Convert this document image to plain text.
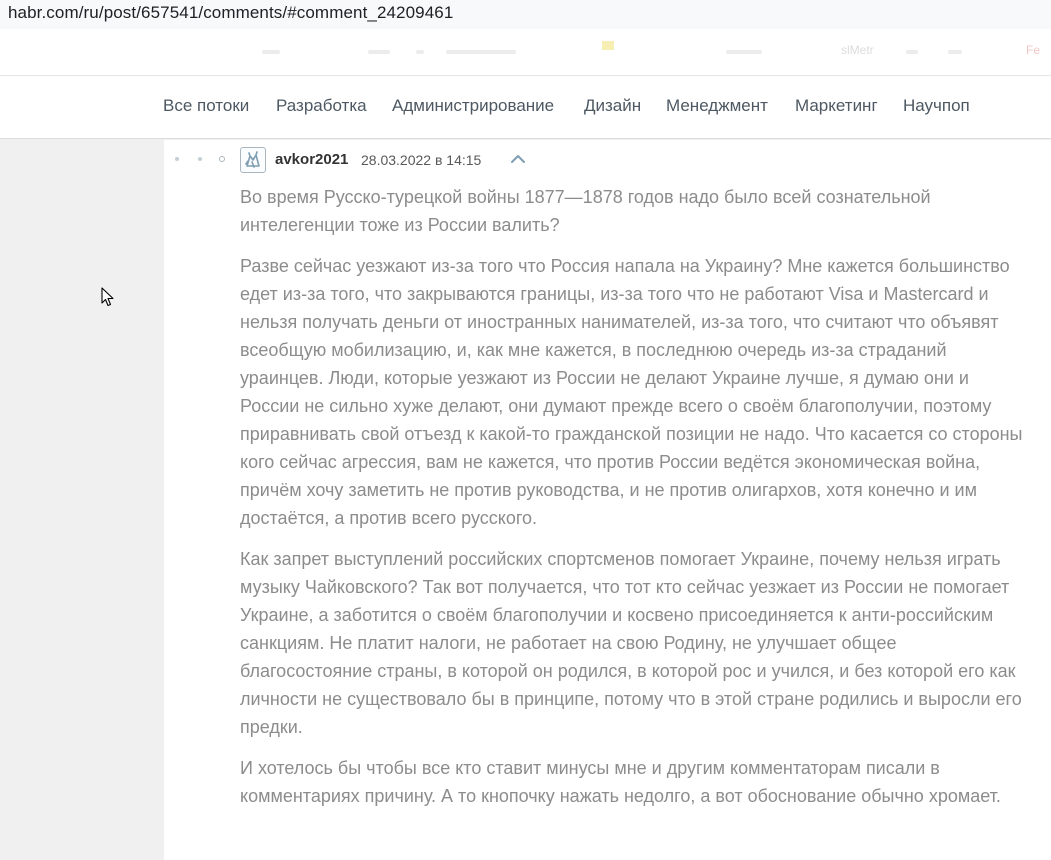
habr.com/ru/post/657541/comments/#comment_24209461
slMetr	Fe
Все потоки Разработка Администрирование Дизайн Менеджмент Маркетинг Научпоп
avkor2021 28.03.2022 в 14:15

Во время Русско-турецкой войны 1877—1878 годов надо было всей сознательной интелегенции тоже из России валить?

Разве сейчас уезжают из-за того что Россия напала на Украину? Мне кажется большинство едет из-за того, что закрываются границы, из-за того что не работают Visa и Mastercard и нельзя получать деньги от иностранных нанимателей, из-за того, что считают что объявят всеобщую мобилизацию, и, как мне кажется, в последнюю очередь из-за страданий ураинцев. Люди, которые уезжают из России не делают Украине лучше, я думаю они и России не сильно хуже делают, они думают прежде всего о своём благополучии, поэтому приравнивать свой отъезд к какой-то гражданской позиции не надо. Что касается со стороны кого сейчас агрессия, вам не кажется, что против России ведётся экономическая война, причём хочу заметить не против руководства, и не против олигархов, хотя конечно и им достаётся, а против всего русского.

Как запрет выступлений российских спортсменов помогает Украине, почему нельзя играть музыку Чайковского? Так вот получается, что тот кто сейчас уезжает из России не помогает Украине, а заботится о своём благополучии и косвено присоединяется к анти-российским санкциям. Не платит налоги, не работает на свою Родину, не улучшает общее благосостояние страны, в которой он родился, в которой рос и учился, и без которой его как личности не существовало бы в принципе, потому что в этой стране родились и выросли его предки.

И хотелось бы чтобы все кто ставит минусы мне и другим комментаторам писали в комментариях причину. А то кнопочку нажать недолго, а вот обоснование обычно хромает.
